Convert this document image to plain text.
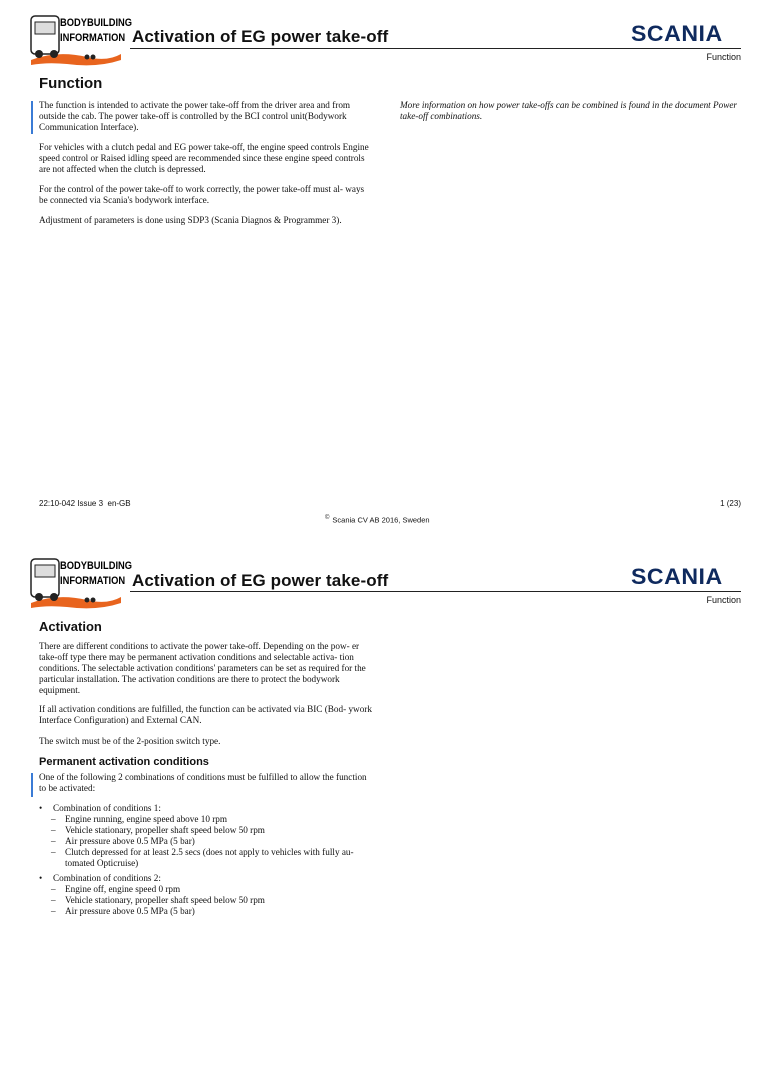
BODYBUILDING
INFORMATION Activation of EG power take-off	SCANIA
Function
Function

The function is intended to activate the power take-off from the driver area and from outside the cab. The power take-off is controlled by the BCI control unit(Bodywork Communication Interface).

For vehicles with a clutch pedal and EG power take-off, the engine speed controls Engine speed control or Raised idling speed are recommended since these engine speed controls are not affected when the clutch is depressed.

For the control of the power take-off to work correctly, the power take-off must al- ways be connected via Scania's bodywork interface.

Adjustment of parameters is done using SDP3 (Scania Diagnos & Programmer 3).

More information on how power take-offs can be combined is found in the document Power take-off combinations.

22:10-042 Issue 3  en-GB	1 (23)
© Scania CV AB 2016, Sweden
BODYBUILDING
INFORMATION Activation of EG power take-off	SCANIA
Function
Activation

There are different conditions to activate the power take-off. Depending on the pow- er take-off type there may be permanent activation conditions and selectable activa- tion conditions. The selectable activation conditions' parameters can be set as required for the particular installation. The activation conditions are there to protect the bodywork equipment.

If all activation conditions are fulfilled, the function can be activated via BIC (Bod- ywork Interface Configuration) and External CAN.

The switch must be of the 2-position switch type.

Permanent activation conditions

One of the following 2 combinations of conditions must be fulfilled to allow the function to be activated:

• Combination of conditions 1:
– Engine running, engine speed above 10 rpm
– Vehicle stationary, propeller shaft speed below 50 rpm
– Air pressure above 0.5 MPa (5 bar)
– Clutch depressed for at least 2.5 secs (does not apply to vehicles with fully au- tomated Opticruise)
• Combination of conditions 2:
– Engine off, engine speed 0 rpm
– Vehicle stationary, propeller shaft speed below 50 rpm
– Air pressure above 0.5 MPa (5 bar)
